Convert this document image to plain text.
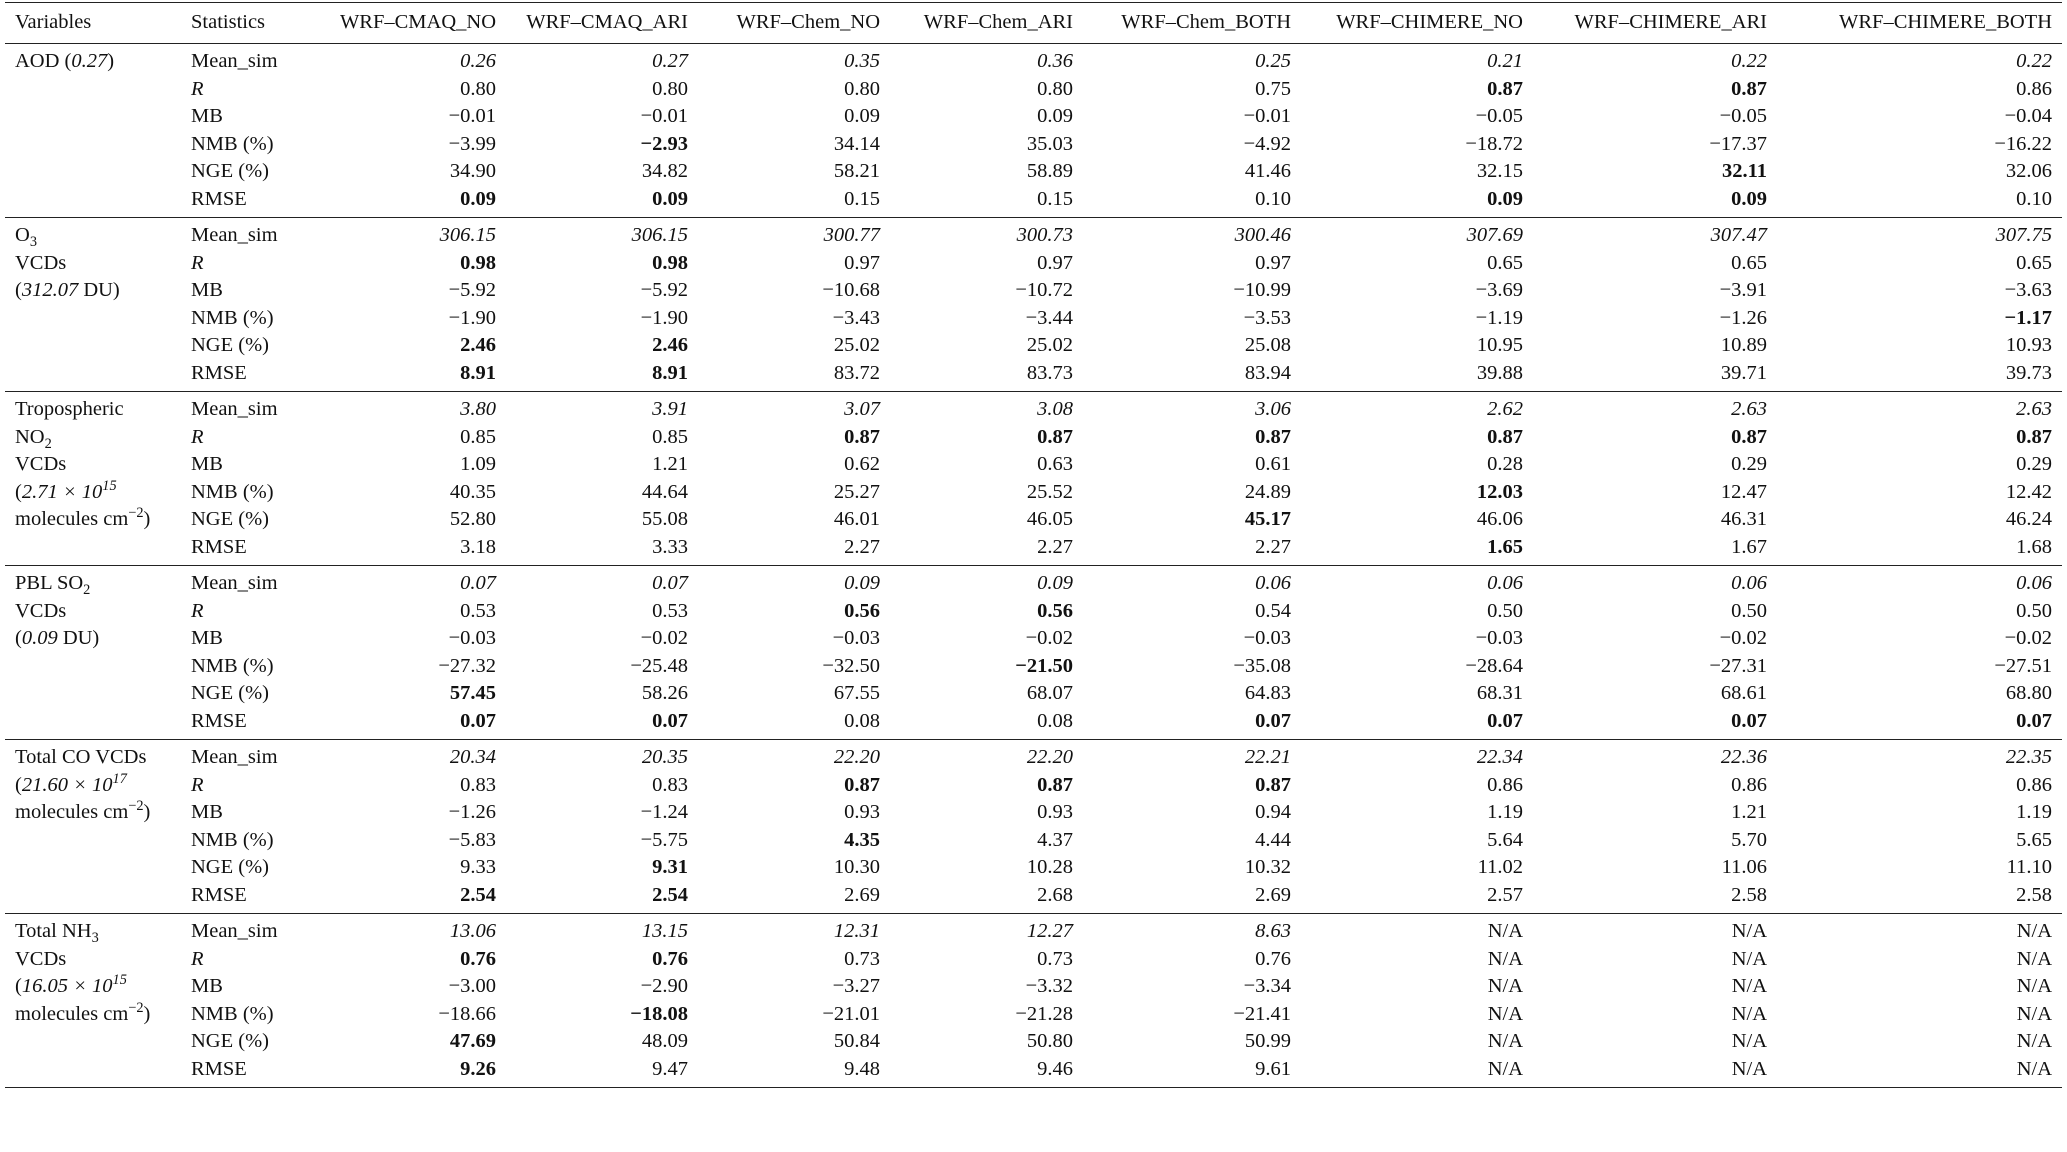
Variables	Statistics	WRF–CMAQ_NO	WRF–CMAQ_ARI	WRF–Chem_NO	WRF–Chem_ARI	WRF–Chem_BOTH	WRF–CHIMERE_NO	WRF–CHIMERE_ARI	WRF–CHIMERE_BOTH

AOD (0.27)	Mean_sim	0.26	0.27	0.35	0.36	0.25	0.21	0.22	0.22
	R	0.80	0.80	0.80	0.80	0.75	0.87	0.87	0.86
	MB	−0.01	−0.01	0.09	0.09	−0.01	−0.05	−0.05	−0.04
	NMB (%)	−3.99	−2.93	34.14	35.03	−4.92	−18.72	−17.37	−16.22
	NGE (%)	34.90	34.82	58.21	58.89	41.46	32.15	32.11	32.06
	RMSE	0.09	0.09	0.15	0.15	0.10	0.09	0.09	0.10

$O_3$
VCDs
(312.07 DU)	Mean_sim	306.15	306.15	300.77	300.73	300.46	307.69	307.47	307.75
	R	0.98	0.98	0.97	0.97	0.97	0.65	0.65	0.65
	MB	−5.92	−5.92	−10.68	−10.72	−10.99	−3.69	−3.91	−3.63
	NMB (%)	−1.90	−1.90	−3.43	−3.44	−3.53	−1.19	−1.26	−1.17
	NGE (%)	2.46	2.46	25.02	25.02	25.08	10.95	10.89	10.93
	RMSE	8.91	8.91	83.72	83.73	83.94	39.88	39.71	39.73

Tropospheric
$NO_2$
VCDs
($2.71 \times 10^{15}$
molecules $cm^{-2}$)	Mean_sim	3.80	3.91	3.07	3.08	3.06	2.62	2.63	2.63
	R	0.85	0.85	0.87	0.87	0.87	0.87	0.87	0.87
	MB	1.09	1.21	0.62	0.63	0.61	0.28	0.29	0.29
	NMB (%)	40.35	44.64	25.27	25.52	24.89	12.03	12.47	12.42
	NGE (%)	52.80	55.08	46.01	46.05	45.17	46.06	46.31	46.24
	RMSE	3.18	3.33	2.27	2.27	2.27	1.65	1.67	1.68

PBL $SO_2$
VCDs
(0.09 DU)	Mean_sim	0.07	0.07	0.09	0.09	0.06	0.06	0.06	0.06
	R	0.53	0.53	0.56	0.56	0.54	0.50	0.50	0.50
	MB	−0.03	−0.02	−0.03	−0.02	−0.03	−0.03	−0.02	−0.02
	NMB (%)	−27.32	−25.48	−32.50	−21.50	−35.08	−28.64	−27.31	−27.51
	NGE (%)	57.45	58.26	67.55	68.07	64.83	68.31	68.61	68.80
	RMSE	0.07	0.07	0.08	0.08	0.07	0.07	0.07	0.07

Total CO VCDs
($21.60 \times 10^{17}$
molecules $cm^{-2}$)	Mean_sim	20.34	20.35	22.20	22.20	22.21	22.34	22.36	22.35
	R	0.83	0.83	0.87	0.87	0.87	0.86	0.86	0.86
	MB	−1.26	−1.24	0.93	0.93	0.94	1.19	1.21	1.19
	NMB (%)	−5.83	−5.75	4.35	4.37	4.44	5.64	5.70	5.65
	NGE (%)	9.33	9.31	10.30	10.28	10.32	11.02	11.06	11.10
	RMSE	2.54	2.54	2.69	2.68	2.69	2.57	2.58	2.58

Total $NH_3$
VCDs
($16.05 \times 10^{15}$
molecules $cm^{-2}$)	Mean_sim	13.06	13.15	12.31	12.27	8.63	N/A	N/A	N/A
	R	0.76	0.76	0.73	0.73	0.76	N/A	N/A	N/A
	MB	−3.00	−2.90	−3.27	−3.32	−3.34	N/A	N/A	N/A
	NMB (%)	−18.66	−18.08	−21.01	−21.28	−21.41	N/A	N/A	N/A
	NGE (%)	47.69	48.09	50.84	50.80	50.99	N/A	N/A	N/A
	RMSE	9.26	9.47	9.48	9.46	9.61	N/A	N/A	N/A
